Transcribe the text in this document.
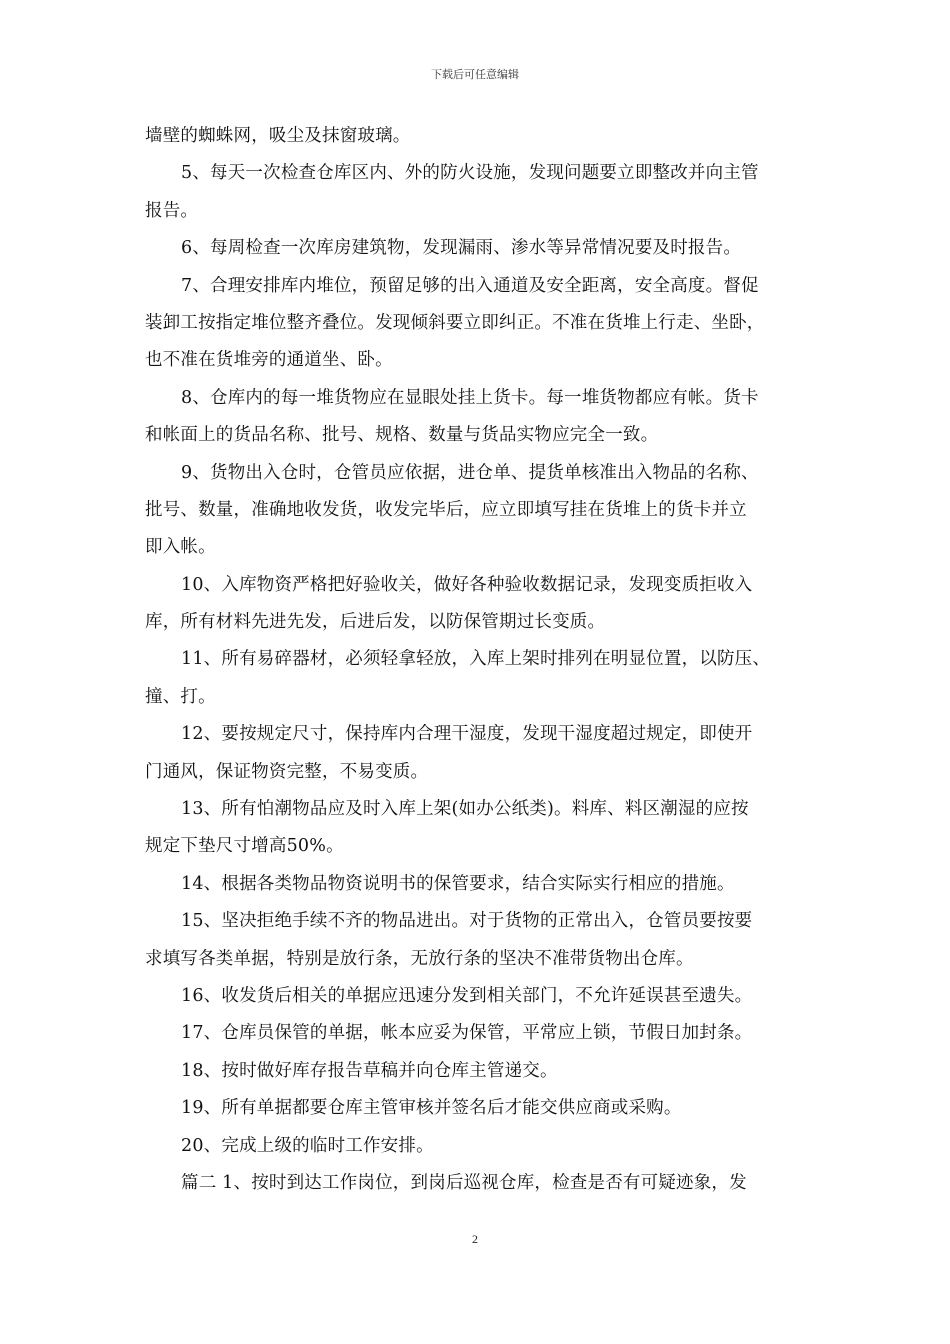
下载后可任意编辑
墙壁的蜘蛛网，吸尘及抹窗玻璃。
5、每天一次检查仓库区内、外的防火设施，发现问题要立即整改并向主管
报告。
6、每周检查一次库房建筑物，发现漏雨、渗水等异常情况要及时报告。
7、合理安排库内堆位，预留足够的出入通道及安全距离，安全高度。督促
装卸工按指定堆位整齐叠位。发现倾斜要立即纠正。不准在货堆上行走、坐卧，
也不准在货堆旁的通道坐、卧。
8、仓库内的每一堆货物应在显眼处挂上货卡。每一堆货物都应有帐。货卡
和帐面上的货品名称、批号、规格、数量与货品实物应完全一致。
9、货物出入仓时，仓管员应依据，进仓单、提货单核准出入物品的名称、
批号、数量，准确地收发货，收发完毕后，应立即填写挂在货堆上的货卡并立
即入帐。
10、入库物资严格把好验收关，做好各种验收数据记录，发现变质拒收入
库，所有材料先进先发，后进后发，以防保管期过长变质。
11、所有易碎器材，必须轻拿轻放，入库上架时排列在明显位置，以防压、
撞、打。
12、要按规定尺寸，保持库内合理干湿度，发现干湿度超过规定，即使开
门通风，保证物资完整，不易变质。
13、所有怕潮物品应及时入库上架(如办公纸类)。料库、料区潮湿的应按
规定下垫尺寸增高50%。
14、根据各类物品物资说明书的保管要求，结合实际实行相应的措施。
15、坚决拒绝手续不齐的物品进出。对于货物的正常出入，仓管员要按要
求填写各类单据，特别是放行条，无放行条的坚决不准带货物出仓库。
16、收发货后相关的单据应迅速分发到相关部门，不允许延误甚至遗失。
17、仓库员保管的单据，帐本应妥为保管，平常应上锁，节假日加封条。
18、按时做好库存报告草稿并向仓库主管递交。
19、所有单据都要仓库主管审核并签名后才能交供应商或采购。
20、完成上级的临时工作安排。
篇二 1、按时到达工作岗位，到岗后巡视仓库，检查是否有可疑迹象，发
2
